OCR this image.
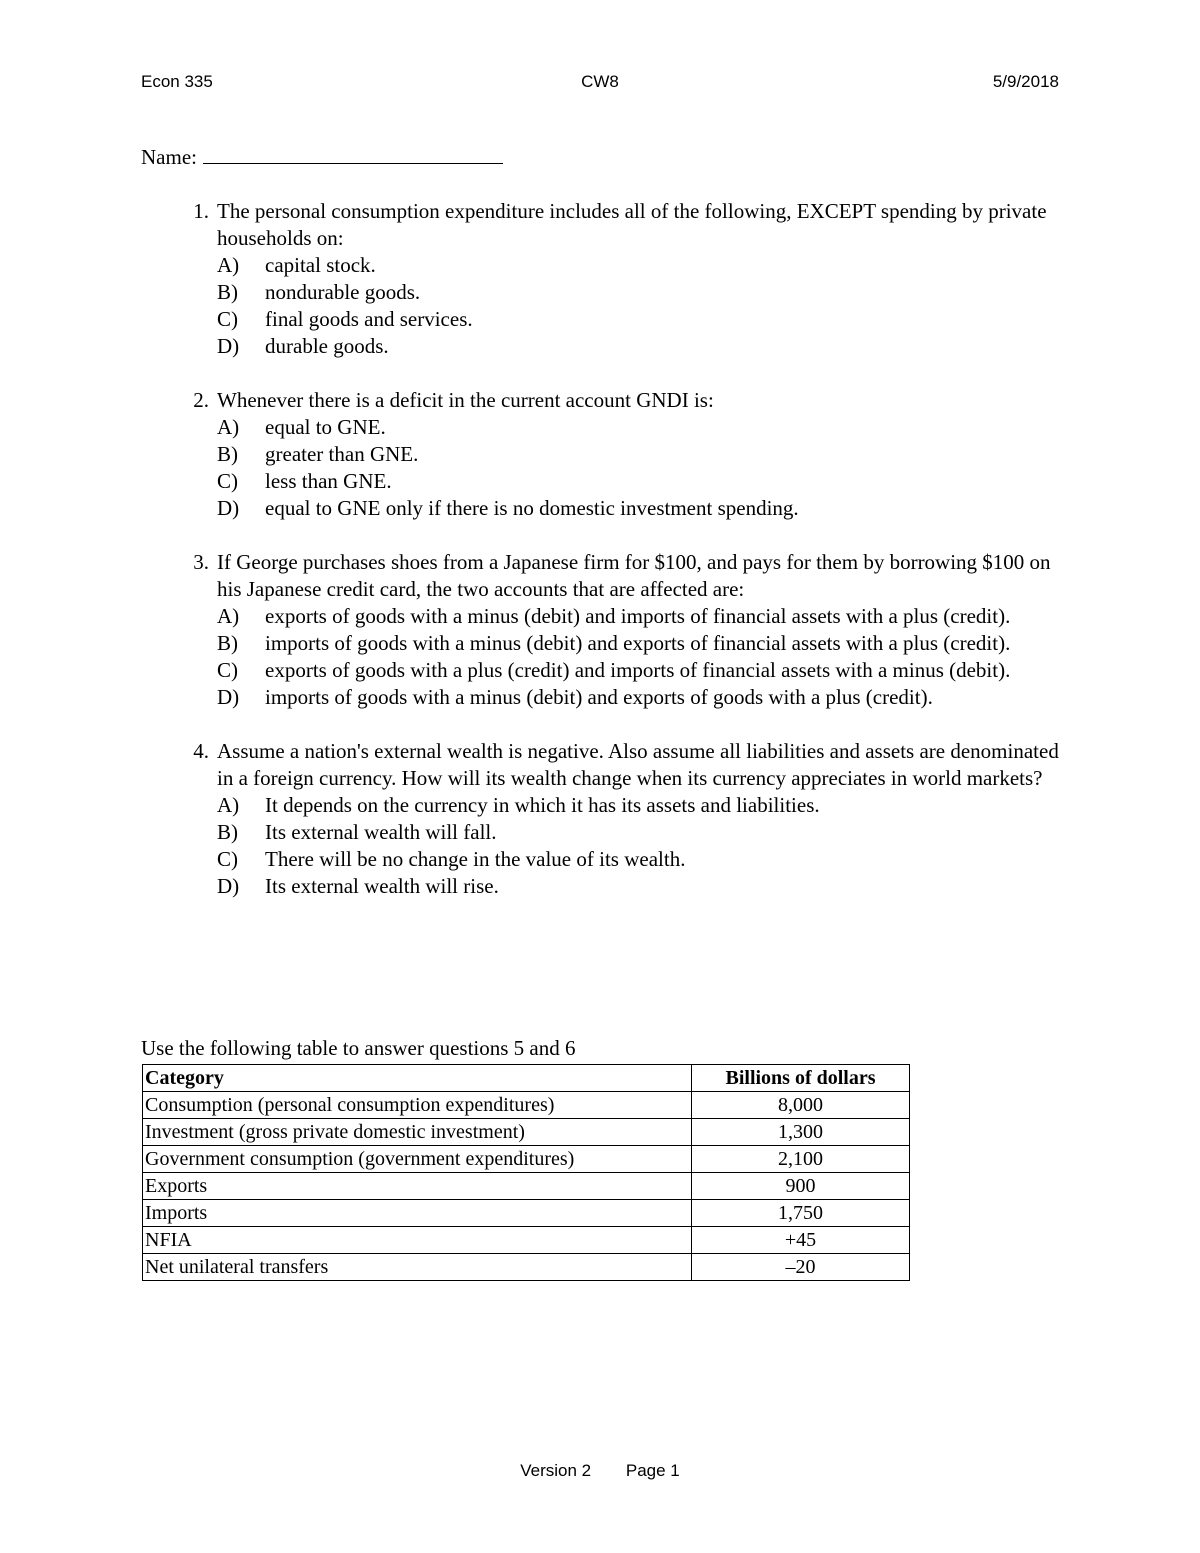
Econ 335	CW8	5/9/2018
Name:
1. The personal consumption expenditure includes all of the following, EXCEPT spending by private households on:
A)	capital stock.
B)	nondurable goods.
C)	final goods and services.
D)	durable goods.
2. Whenever there is a deficit in the current account GNDI is:
A)	equal to GNE.
B)	greater than GNE.
C)	less than GNE.
D)	equal to GNE only if there is no domestic investment spending.
3. If George purchases shoes from a Japanese firm for $100, and pays for them by borrowing $100 on his Japanese credit card, the two accounts that are affected are:
A)	exports of goods with a minus (debit) and imports of financial assets with a plus (credit).
B)	imports of goods with a minus (debit) and exports of financial assets with a plus (credit).
C)	exports of goods with a plus (credit) and imports of financial assets with a minus (debit).
D)	imports of goods with a minus (debit) and exports of goods with a plus (credit).
4. Assume a nation's external wealth is negative. Also assume all liabilities and assets are denominated in a foreign currency. How will its wealth change when its currency appreciates in world markets?
A)	It depends on the currency in which it has its assets and liabilities.
B)	Its external wealth will fall.
C)	There will be no change in the value of its wealth.
D)	Its external wealth will rise.
Use the following table to answer questions 5 and 6
Category	Billions of dollars
Consumption (personal consumption expenditures)	8,000
Investment (gross private domestic investment)	1,300
Government consumption (government expenditures)	2,100
Exports	900
Imports	1,750
NFIA	+45
Net unilateral transfers	–20
Version 2 Page 1
